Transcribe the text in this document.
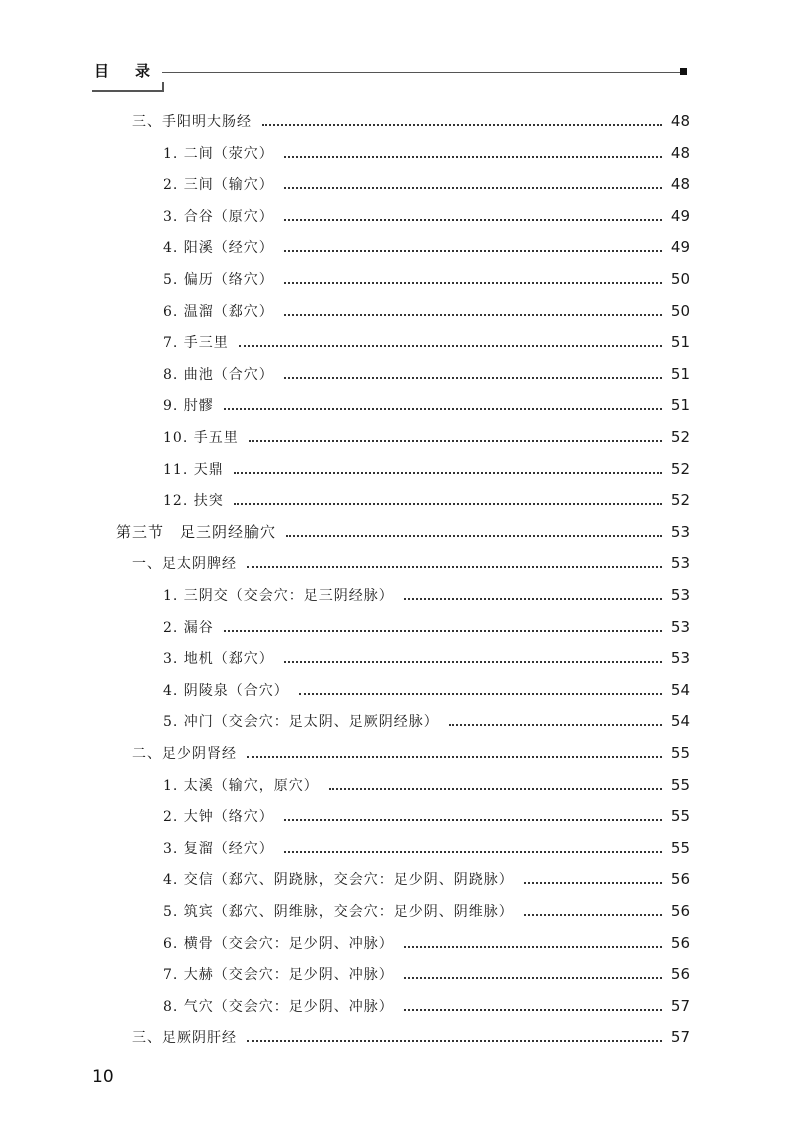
目录
三、手阳明大肠经	48
1. 二间（荥穴）	48
2. 三间（输穴）	48
3. 合谷（原穴）	49
4. 阳溪（经穴）	49
5. 偏历（络穴）	50
6. 温溜（郄穴）	50
7. 手三里	51
8. 曲池（合穴）	51
9. 肘髎	51
10. 手五里	52
11. 天鼎	52
12. 扶突	52
第三节　足三阴经腧穴	53
一、足太阴脾经	53
1. 三阴交（交会穴：足三阴经脉）	53
2. 漏谷	53
3. 地机（郄穴）	53
4. 阴陵泉（合穴）	54
5. 冲门（交会穴：足太阴、足厥阴经脉）	54
二、足少阴肾经	55
1. 太溪（输穴，原穴）	55
2. 大钟（络穴）	55
3. 复溜（经穴）	55
4. 交信（郄穴、阴跷脉，交会穴：足少阴、阴跷脉）	56
5. 筑宾（郄穴、阴维脉，交会穴：足少阴、阴维脉）	56
6. 横骨（交会穴：足少阴、冲脉）	56
7. 大赫（交会穴：足少阴、冲脉）	56
8. 气穴（交会穴：足少阴、冲脉）	57
三、足厥阴肝经	57
10
